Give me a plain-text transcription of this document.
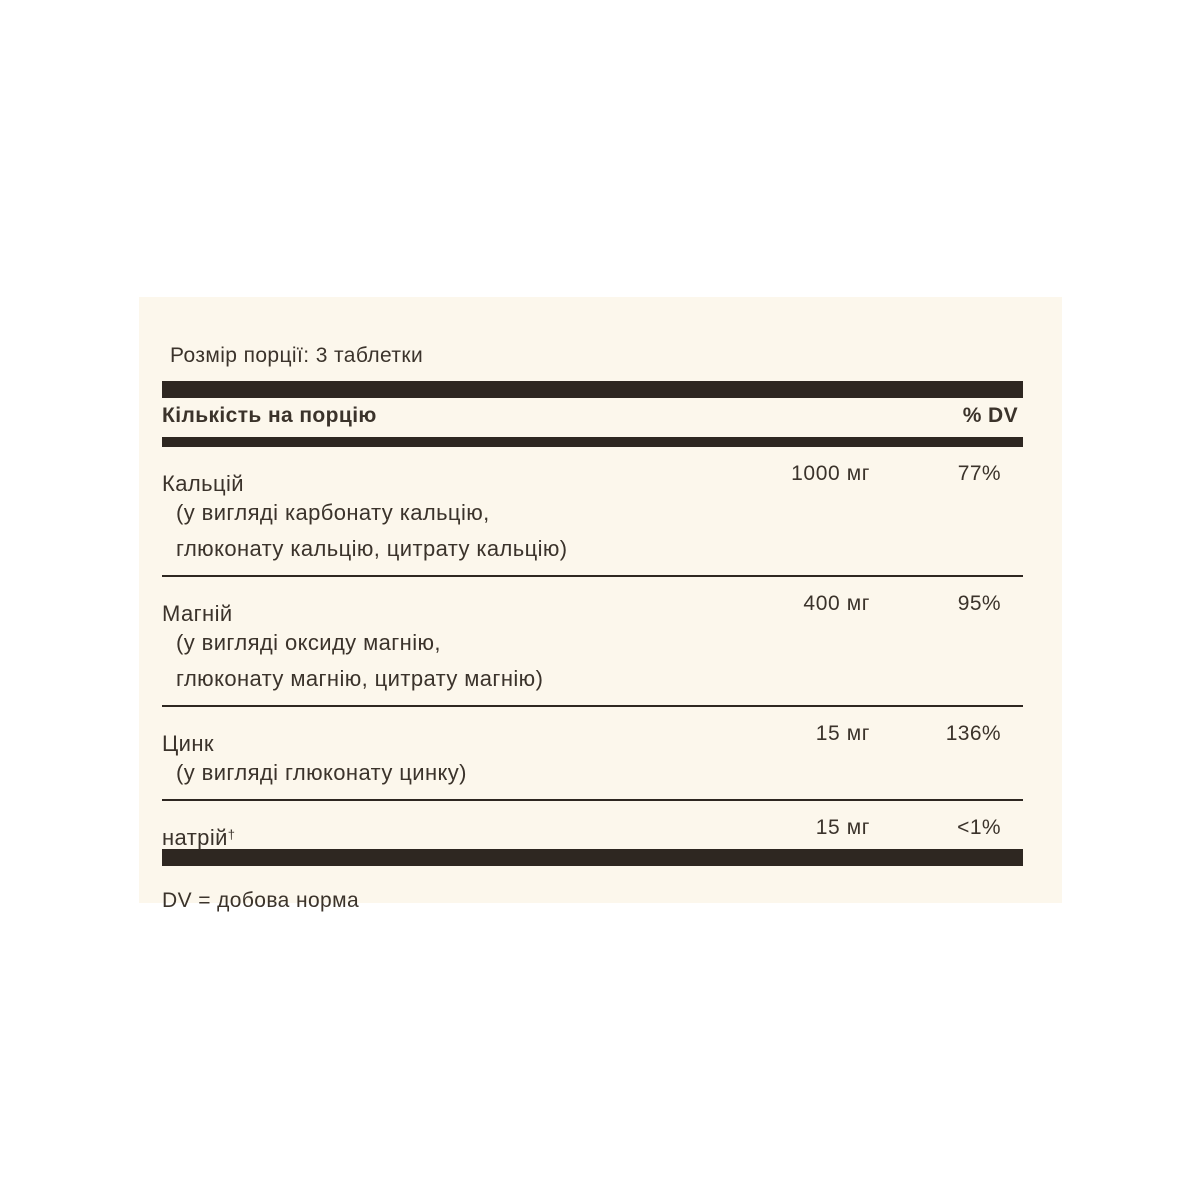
Розмір порції: 3 таблетки
Кількість на порцію	% DV
Кальцій	1000 мг	77%
(у вигляді карбонату кальцію,
глюконату кальцію, цитрату кальцію)
Магній	400 мг	95%
(у вигляді оксиду магнію,
глюконату магнію, цитрату магнію)
Цинк	15 мг	136%
(у вигляді глюконату цинку)
натрій†	15 мг	<1%
DV = добова норма
